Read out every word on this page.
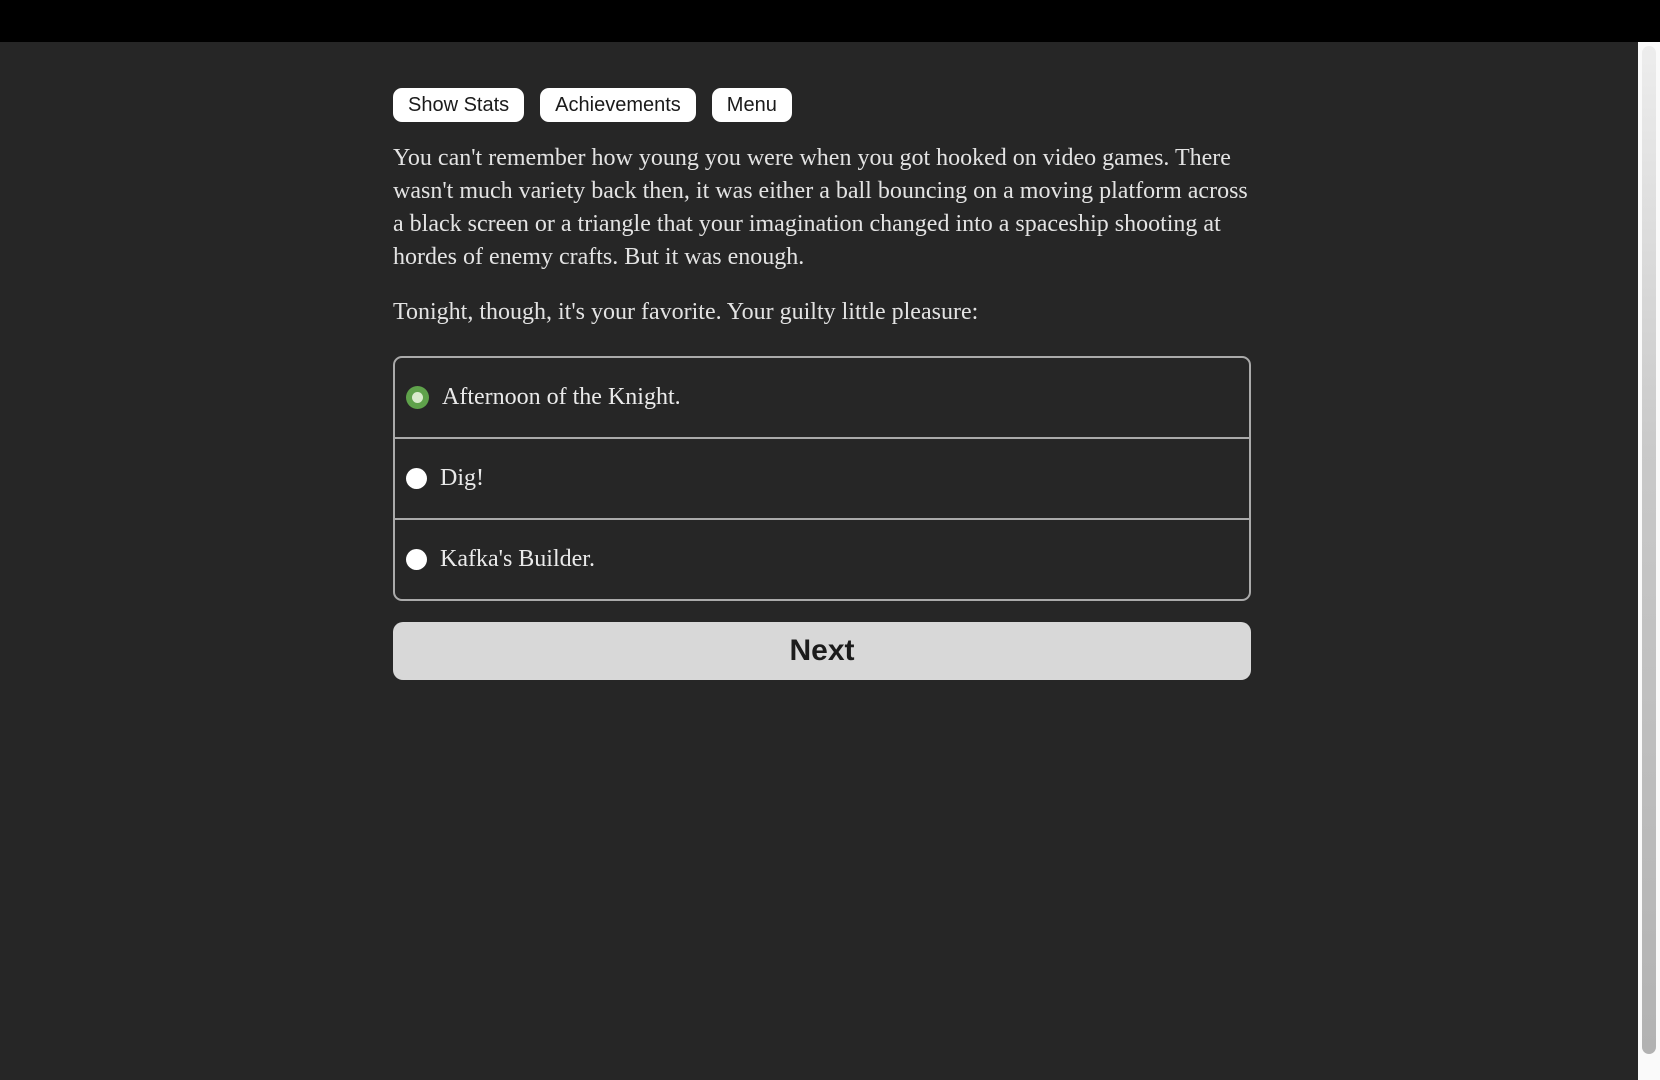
Show Stats	Achievements	Menu

You can't remember how young you were when you got hooked on video games. There wasn't much variety back then, it was either a ball bouncing on a moving platform across a black screen or a triangle that your imagination changed into a spaceship shooting at hordes of enemy crafts. But it was enough.

Tonight, though, it's your favorite. Your guilty little pleasure:

Afternoon of the Knight.
Dig!
Kafka's Builder.
Next
